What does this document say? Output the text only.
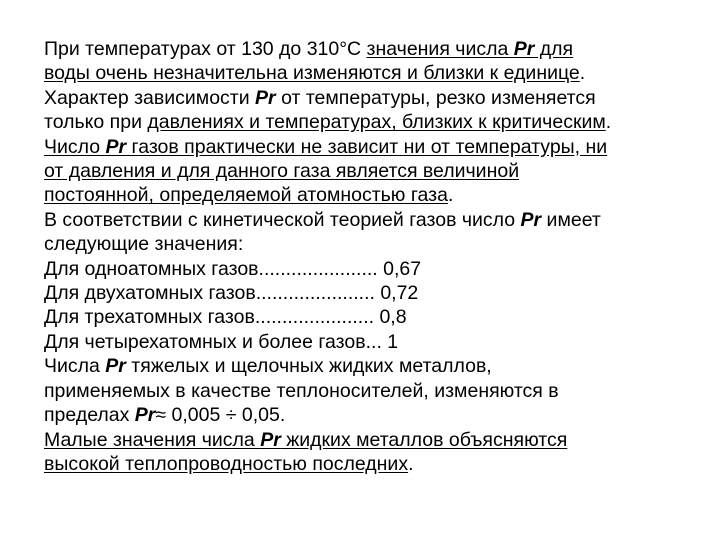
При температурах от 130 до 310°С значения числа Pr для
воды очень незначительна изменяются и близки к единице.
Характер зависимости Pr от температуры, резко изменяется
только при давлениях и температурах, близких к критическим.
Число Pr газов практически не зависит ни от температуры, ни
от давления и для данного газа является величиной
постоянной, определяемой атомностью газа.
В соответствии с кинетической теорией газов число Pr имеет
следующие значения:
Для одноатомных газов...................... 0,67
Для двухатомных газов...................... 0,72
Для трехатомных газов...................... 0,8
Для четырехатомных и более газов... 1
Числа Pr тяжелых и щелочных жидких металлов,
применяемых в качестве теплоносителей, изменяются в
пределах Pr≈ 0,005 ÷ 0,05.
Малые значения числа Pr жидких металлов объясняются
высокой теплопроводностью последних.
